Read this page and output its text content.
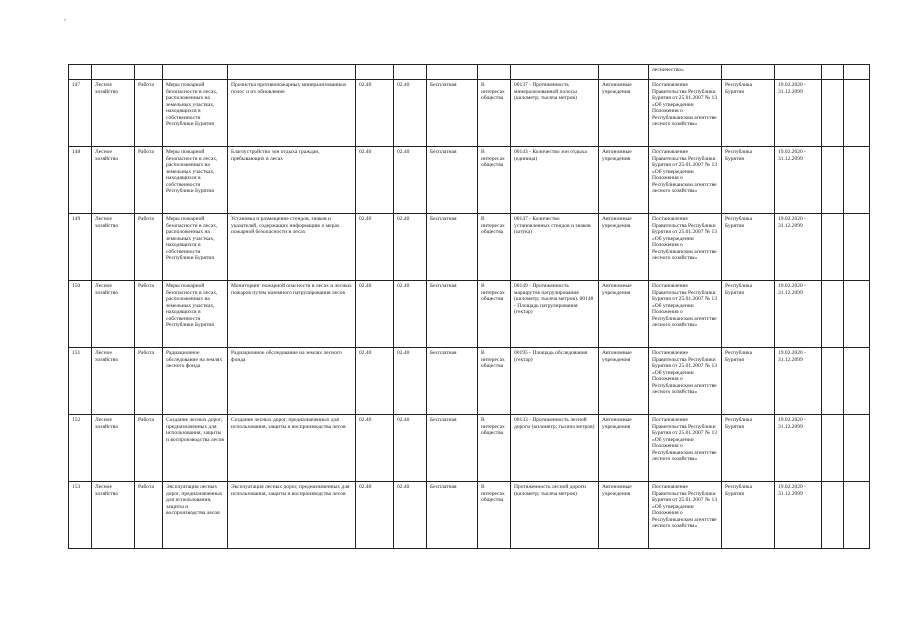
,
											лесничество»				
147	Лесное хозяйство	Работа	Меры пожарной безопасности в лесах, расположенных на земельных участках, находящихся в собственности Республики Бурятия	Прочистка противопожарных минерализованных полос и их обновление	02.40	02.40	Бесплатная	В интересах общества	00137 - Протяженность минерализованной полосы (километр; тысяча метров)	Автономные учреждения	Постановление Правительства Республики Бурятия от 25.01.2007 № 13 «Об утверждении Положения о Республиканском агентстве лесного хозяйства»	Республика Бурятия	19.02.2020 - 31.12.2099		
148	Лесное хозяйство	Работа	Меры пожарной безопасности в лесах, расположенных на земельных участках, находящихся в собственности Республики Бурятия	Благоустройство зон отдыха граждан, пребывающих в лесах	02.40	02.40	Бесплатная	В интересах общества	00143 - Количество зон отдыха (единица)	Автономные учреждения	Постановление Правительства Республики Бурятия от 25.01.2007 № 13 «Об утверждении Положения о Республиканском агентстве лесного хозяйства»	Республика Бурятия	19.02.2020 - 31.12.2099		
149	Лесное хозяйство	Работа	Меры пожарной безопасности в лесах, расположенных на земельных участках, находящихся в собственности Республики Бурятия	Установка и размещение стендов, знаков и указателей, содержащих информацию о мерах пожарной безопасности в лесах	02.40	02.40	Бесплатная	В интересах общества	00147 - Количество установленных стендов и знаков (штука)	Автономные учреждения	Постановление Правительства Республики Бурятия от 25.01.2007 № 13 «Об утверждении Положения о Республиканском агентстве лесного хозяйства»	Республика Бурятия	19.02.2020 - 31.12.2099		
150	Лесное хозяйство	Работа	Меры пожарной безопасности в лесах, расположенных на земельных участках, находящихся в собственности Республики Бурятия	Мониторинг пожарной опасности в лесах и лесных пожаров путем наземного патрулирования лесов	02.40	02.40	Бесплатная	В интересах общества	00149 - Протяженность маршрутов патрулирования (километр; тысяча метров). 00148 - Площадь патрулирования (гектар)	Автономные учреждения	Постановление Правительства Республики Бурятия от 25.01.2007 № 13 «Об утверждении Положения о Республиканском агентстве лесного хозяйства»	Республика Бурятия	19.02.2020 - 31.12.2099		
151	Лесное хозяйство	Работа	Радиационное обследование на землях лесного фонда	Радиационное обследование на землях лесного фонда	02.40	02.40	Бесплатная	В интересах общества	00195 - Площадь обследования (гектар)	Автономные учреждения	Постановление Правительства Республики Бурятия от 25.01.2007 № 13 «Об утверждении Положения о Республиканском агентстве лесного хозяйства»	Республика Бурятия	19.02.2020 - 31.12.2099		
152	Лесное хозяйство	Работа	Создание лесных дорог, предназначенных для использования, защиты и воспроизводства лесов	Создание лесных дорог, предназначенных для использования, защиты и воспроизводства лесов	02.40	02.40	Бесплатная	В интересах общества	00133 - Протяженность лесной дороги (километр; тысяча метров)	Автономные учреждения	Постановление Правительства Республики Бурятия от 25.01.2007 № 13 «Об утверждении Положения о Республиканском агентстве лесного хозяйства»	Республика Бурятия	19.02.2020 - 31.12.2099		
153	Лесное хозяйство	Работа	Эксплуатация лесных дорог, предназначенных для использования, защиты и воспроизводства лесов	Эксплуатация лесных дорог, предназначенных для использования, защиты и воспроизводства лесов	02.40	02.40	Бесплатная	В интересах общества	Протяженность лесной дороги (километр; тысяча метров)	Автономные учреждения	Постановление Правительства Республики Бурятия от 25.01.2007 № 13 «Об утверждении Положения о Республиканском агентстве лесного хозяйства»	Республика Бурятия	19.02.2020 - 31.12.2099		
